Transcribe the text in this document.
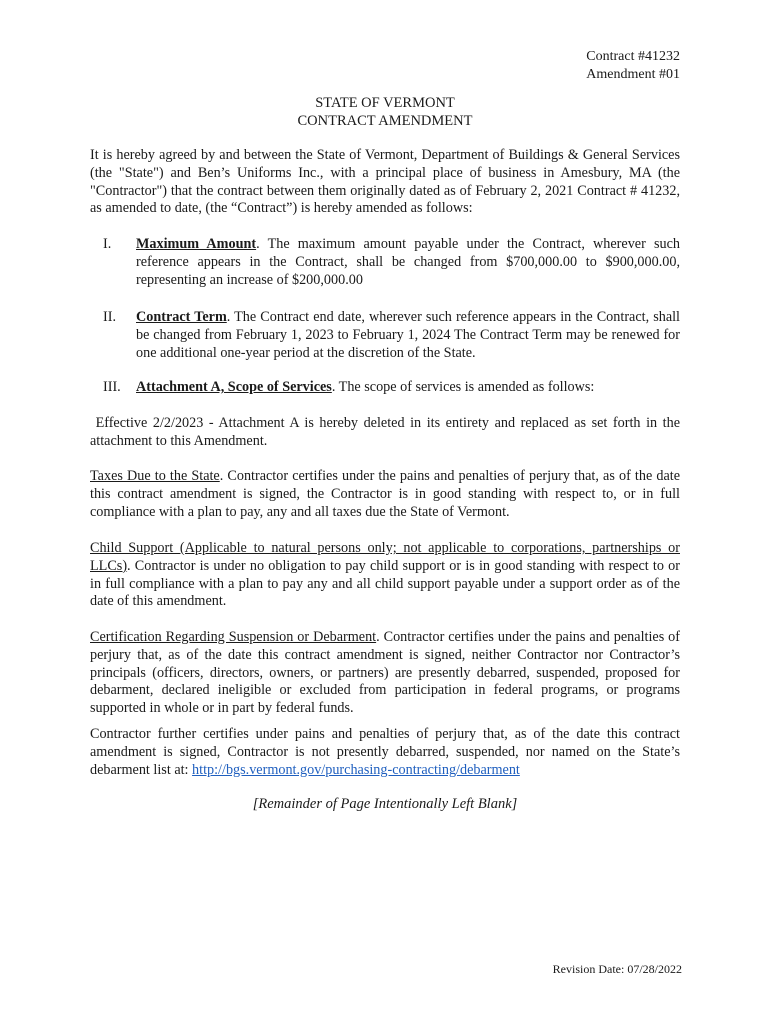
Contract #41232
Amendment #01
STATE OF VERMONT
CONTRACT AMENDMENT
It is hereby agreed by and between the State of Vermont, Department of Buildings & General Services (the "State") and Ben’s Uniforms Inc., with a principal place of business in Amesbury, MA (the "Contractor") that the contract between them originally dated as of February 2, 2021 Contract # 41232, as amended to date, (the “Contract”) is hereby amended as follows:
I. Maximum Amount. The maximum amount payable under the Contract, wherever such reference appears in the Contract, shall be changed from $700,000.00 to $900,000.00, representing an increase of $200,000.00
II. Contract Term. The Contract end date, wherever such reference appears in the Contract, shall be changed from February 1, 2023 to February 1, 2024 The Contract Term may be renewed for one additional one-year period at the discretion of the State.
III. Attachment A, Scope of Services. The scope of services is amended as follows:
Effective 2/2/2023 - Attachment A is hereby deleted in its entirety and replaced as set forth in the attachment to this Amendment.
Taxes Due to the State. Contractor certifies under the pains and penalties of perjury that, as of the date this contract amendment is signed, the Contractor is in good standing with respect to, or in full compliance with a plan to pay, any and all taxes due the State of Vermont.
Child Support (Applicable to natural persons only; not applicable to corporations, partnerships or LLCs). Contractor is under no obligation to pay child support or is in good standing with respect to or in full compliance with a plan to pay any and all child support payable under a support order as of the date of this amendment.
Certification Regarding Suspension or Debarment. Contractor certifies under the pains and penalties of perjury that, as of the date this contract amendment is signed, neither Contractor nor Contractor’s principals (officers, directors, owners, or partners) are presently debarred, suspended, proposed for debarment, declared ineligible or excluded from participation in federal programs, or programs supported in whole or in part by federal funds.
Contractor further certifies under pains and penalties of perjury that, as of the date this contract amendment is signed, Contractor is not presently debarred, suspended, nor named on the State’s debarment list at: http://bgs.vermont.gov/purchasing-contracting/debarment
[Remainder of Page Intentionally Left Blank]
Revision Date: 07/28/2022
